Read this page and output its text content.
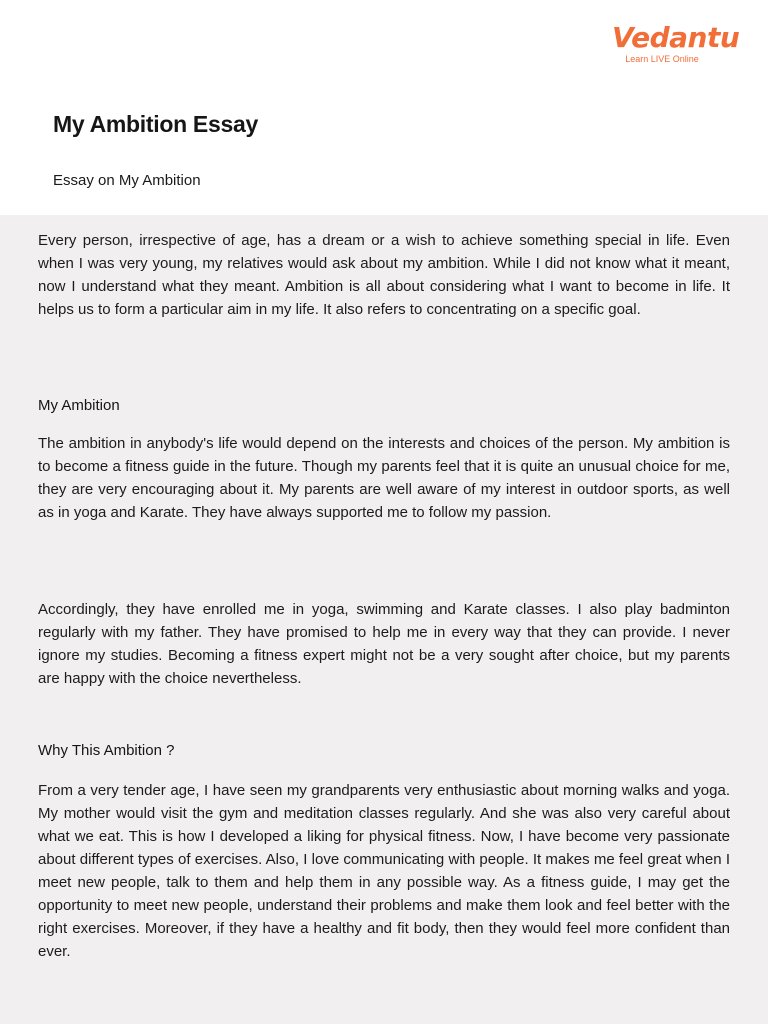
Vedantu
Learn LIVE Online
My Ambition Essay
Essay on My Ambition

Every person, irrespective of age, has a dream or a wish to achieve something special in life. Even when I was very young, my relatives would ask about my ambition. While I did not know what it meant, now I understand what they meant. Ambition is all about considering what I want to become in life. It helps us to form a particular aim in my life. It also refers to concentrating on a specific goal.

My Ambition

The ambition in anybody's life would depend on the interests and choices of the person. My ambition is to become a fitness guide in the future. Though my parents feel that it is quite an unusual choice for me, they are very encouraging about it. My parents are well aware of my interest in outdoor sports, as well as in yoga and Karate. They have always supported me to follow my passion.

Accordingly, they have enrolled me in yoga, swimming and Karate classes. I also play badminton regularly with my father. They have promised to help me in every way that they can provide. I never ignore my studies. Becoming a fitness expert might not be a very sought after choice, but my parents are happy with the choice nevertheless.

Why This Ambition ?

From a very tender age, I have seen my grandparents very enthusiastic about morning walks and yoga. My mother would visit the gym and meditation classes regularly. And she was also very careful about what we eat. This is how I developed a liking for physical fitness. Now, I have become very passionate about different types of exercises. Also, I love communicating with people. It makes me feel great when I meet new people, talk to them and help them in any possible way. As a fitness guide, I may get the opportunity to meet new people, understand their problems and make them look and feel better with the right exercises. Moreover, if they have a healthy and fit body, then they would feel more confident than ever.
